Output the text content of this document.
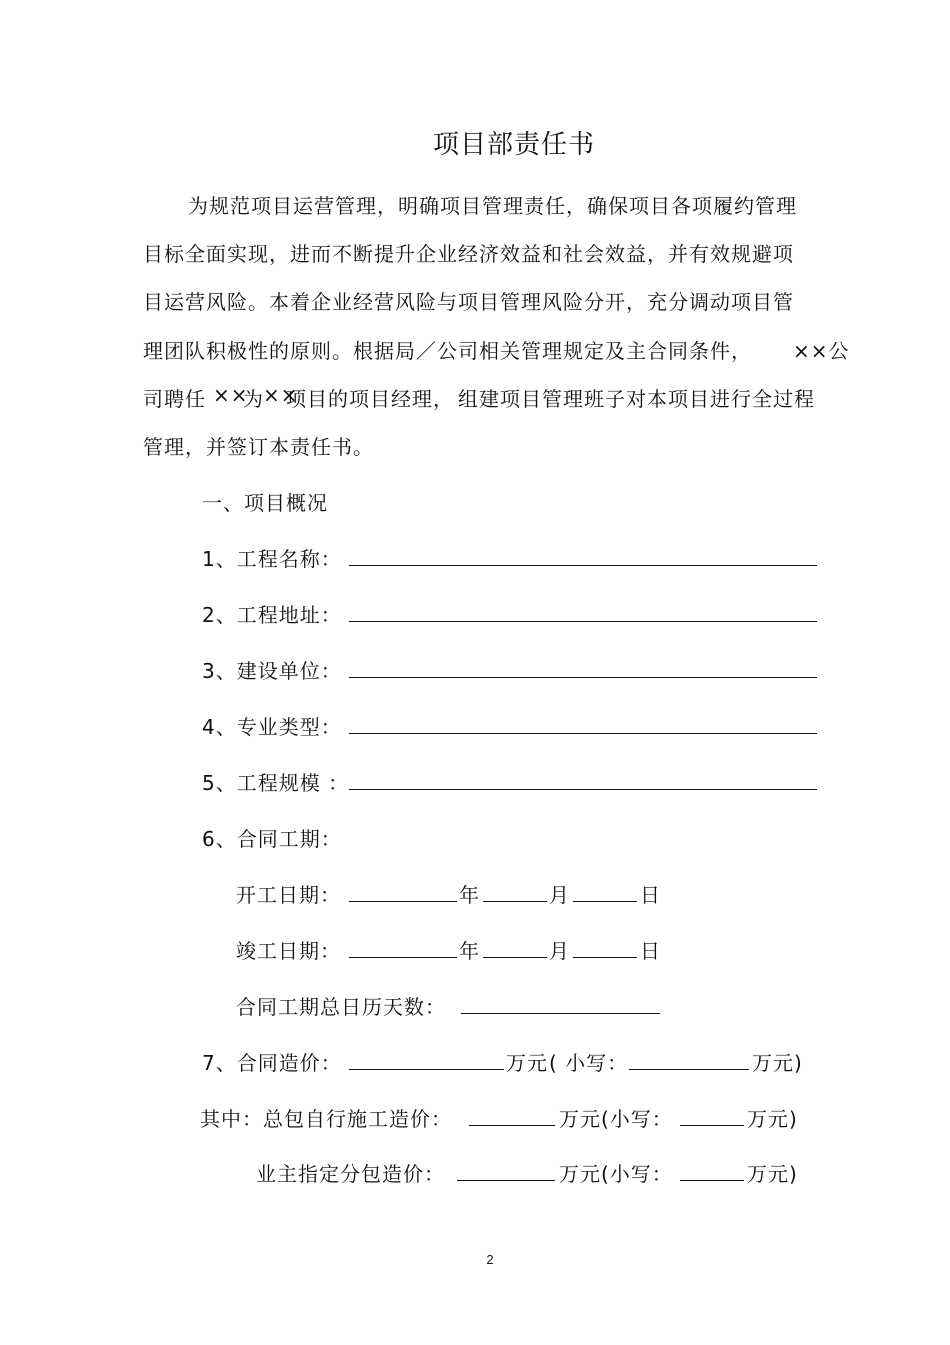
项目部责任书
为规范项目运营管理，明确项目管理责任，确保项目各项履约管理
目标全面实现，进而不断提升企业经济效益和社会效益，并有效规避项
目运营风险。本着企业经营风险与项目管理风险分开，充分调动项目管
理团队积极性的原则。根据局／公司相关管理规定及主合同条件， ××公
司聘任 ××
为 ××
项目的项目经理， 组建项目管理班子对本项目进行全过程
管理，并签订本责任书。
一、项目概况
1、工程名称：
2、工程地址：
3、建设单位：
4、专业类型：
5、工程规模 ：
6、合同工期：
开工日期：	年	月	日
竣工日期：	年	月	日
合同工期总日历天数：
7、合同造价：	万元 ( 小写：	万元)
其中：总包自行施工造价：	万元 (小写：	万元)
业主指定分包造价：	万元 (小写：	万元)
2
